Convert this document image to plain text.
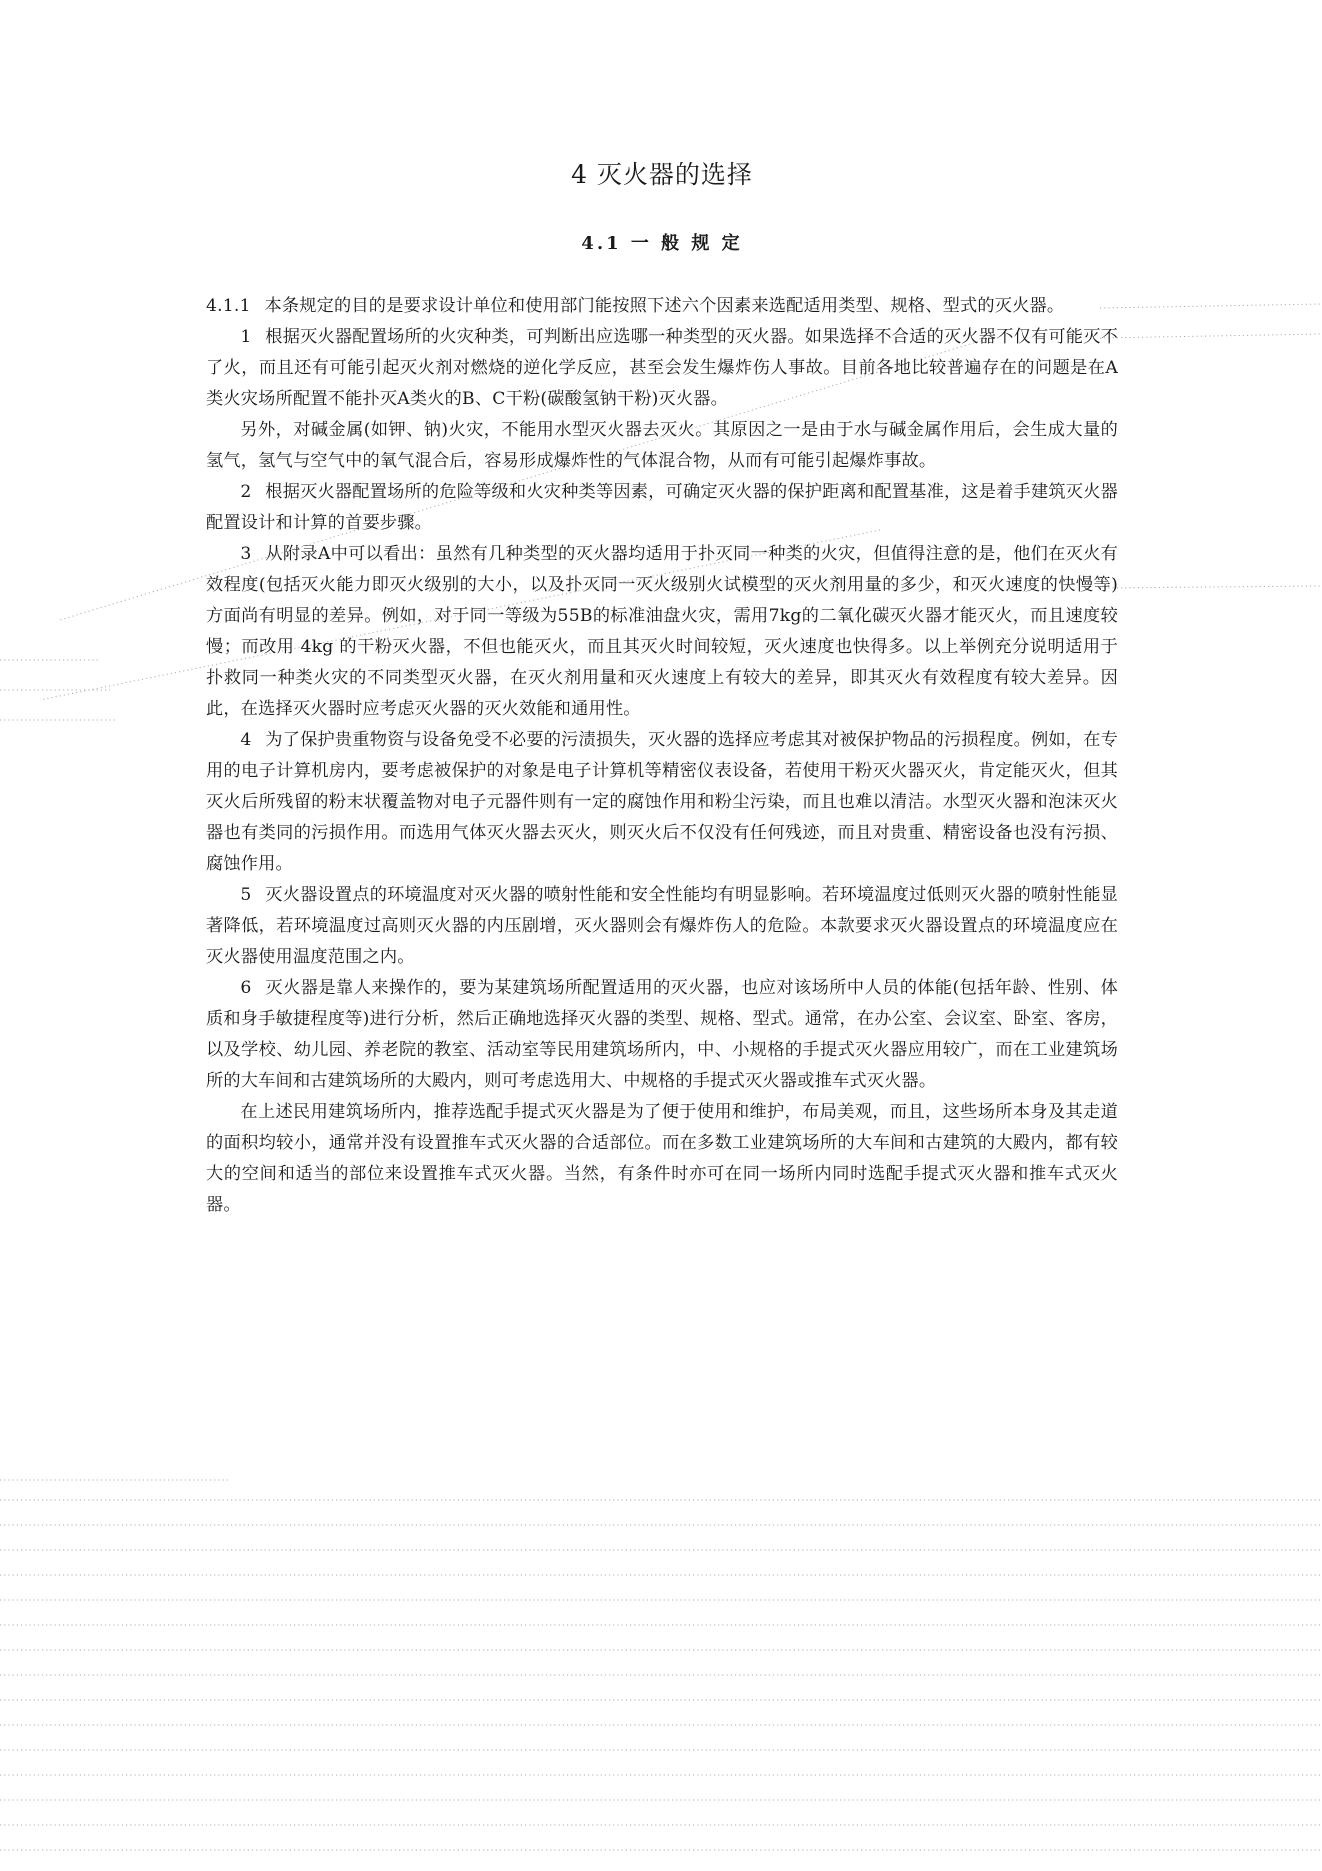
4 灭火器的选择
4.1 一 般 规 定

4.1.1 本条规定的目的是要求设计单位和使用部门能按照下述六个因素来选配适用类型、规格、型式的灭火器。

1 根据灭火器配置场所的火灾种类，可判断出应选哪一种类型的灭火器。如果选择不合适的灭火器不仅有可能灭不了火，而且还有可能引起灭火剂对燃烧的逆化学反应，甚至会发生爆炸伤人事故。目前各地比较普遍存在的问题是在A类火灾场所配置不能扑灭A类火的B、C干粉(碳酸氢钠干粉)灭火器。

另外，对碱金属(如钾、钠)火灾，不能用水型灭火器去灭火。其原因之一是由于水与碱金属作用后，会生成大量的氢气，氢气与空气中的氧气混合后，容易形成爆炸性的气体混合物，从而有可能引起爆炸事故。

2 根据灭火器配置场所的危险等级和火灾种类等因素，可确定灭火器的保护距离和配置基准，这是着手建筑灭火器配置设计和计算的首要步骤。

3 从附录A中可以看出：虽然有几种类型的灭火器均适用于扑灭同一种类的火灾，但值得注意的是，他们在灭火有效程度(包括灭火能力即灭火级别的大小，以及扑灭同一灭火级别火试模型的灭火剂用量的多少，和灭火速度的快慢等)方面尚有明显的差异。例如，对于同一等级为55B的标准油盘火灾，需用7kg的二氧化碳灭火器才能灭火，而且速度较慢；而改用 4kg 的干粉灭火器，不但也能灭火，而且其灭火时间较短，灭火速度也快得多。以上举例充分说明适用于扑救同一种类火灾的不同类型灭火器，在灭火剂用量和灭火速度上有较大的差异，即其灭火有效程度有较大差异。因此，在选择灭火器时应考虑灭火器的灭火效能和通用性。

4 为了保护贵重物资与设备免受不必要的污渍损失，灭火器的选择应考虑其对被保护物品的污损程度。例如，在专用的电子计算机房内，要考虑被保护的对象是电子计算机等精密仪表设备，若使用干粉灭火器灭火，肯定能灭火，但其灭火后所残留的粉末状覆盖物对电子元器件则有一定的腐蚀作用和粉尘污染，而且也难以清洁。水型灭火器和泡沫灭火器也有类同的污损作用。而选用气体灭火器去灭火，则灭火后不仅没有任何残迹，而且对贵重、精密设备也没有污损、腐蚀作用。

5 灭火器设置点的环境温度对灭火器的喷射性能和安全性能均有明显影响。若环境温度过低则灭火器的喷射性能显著降低，若环境温度过高则灭火器的内压剧增，灭火器则会有爆炸伤人的危险。本款要求灭火器设置点的环境温度应在灭火器使用温度范围之内。

6 灭火器是靠人来操作的，要为某建筑场所配置适用的灭火器，也应对该场所中人员的体能(包括年龄、性别、体质和身手敏捷程度等)进行分析，然后正确地选择灭火器的类型、规格、型式。通常，在办公室、会议室、卧室、客房，以及学校、幼儿园、养老院的教室、活动室等民用建筑场所内，中、小规格的手提式灭火器应用较广，而在工业建筑场所的大车间和古建筑场所的大殿内，则可考虑选用大、中规格的手提式灭火器或推车式灭火器。

在上述民用建筑场所内，推荐选配手提式灭火器是为了便于使用和维护，布局美观，而且，这些场所本身及其走道的面积均较小，通常并没有设置推车式灭火器的合适部位。而在多数工业建筑场所的大车间和古建筑的大殿内，都有较大的空间和适当的部位来设置推车式灭火器。当然，有条件时亦可在同一场所内同时选配手提式灭火器和推车式灭火器。
